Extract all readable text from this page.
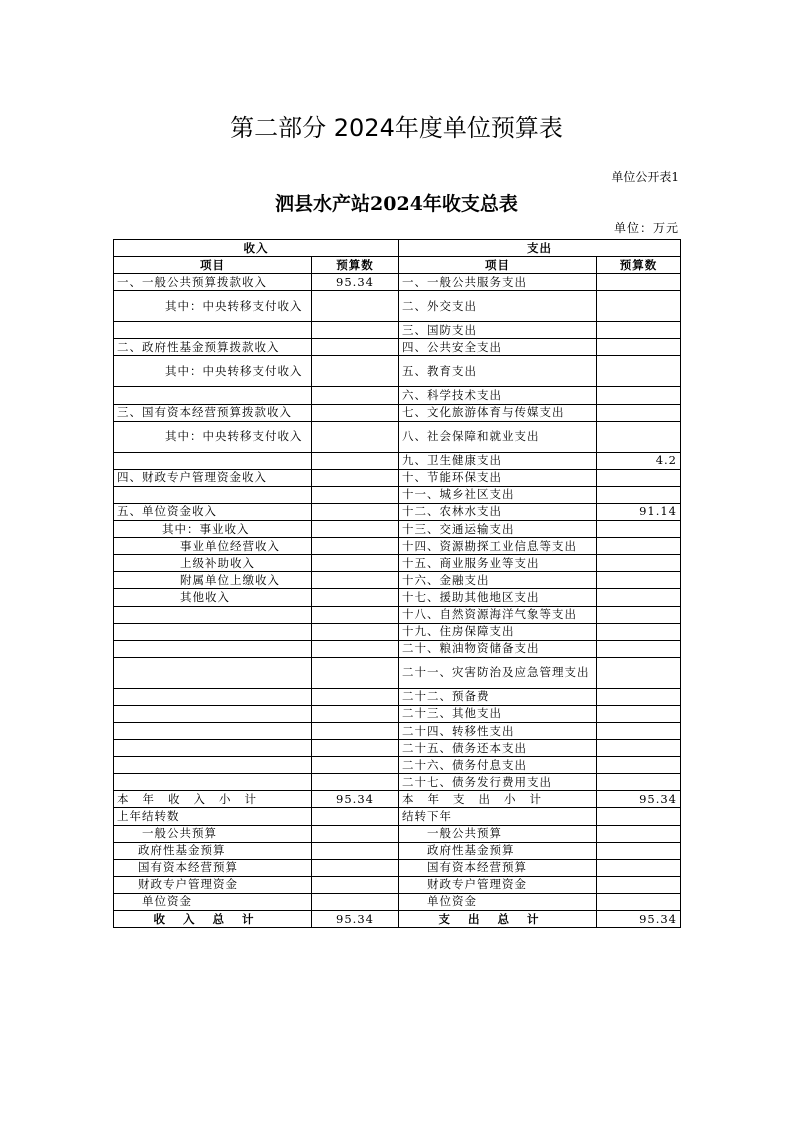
第二部分 2024年度单位预算表
单位公开表1
泗县水产站2024年收支总表
单位：万元
收入		支出	
项目	预算数	项目	预算数
一、一般公共预算拨款收入	95.34	一、一般公共服务支出	
其中：中央转移支付收入		二、外交支出	
		三、国防支出	
二、政府性基金预算拨款收入		四、公共安全支出	
其中：中央转移支付收入		五、教育支出	
		六、科学技术支出	
三、国有资本经营预算拨款收入		七、文化旅游体育与传媒支出	
其中：中央转移支付收入		八、社会保障和就业支出	
		九、卫生健康支出	4.2
四、财政专户管理资金收入		十、节能环保支出	
		十一、城乡社区支出	
五、单位资金收入		十二、农林水支出	91.14
其中：事业收入		十三、交通运输支出	
事业单位经营收入		十四、资源勘探工业信息等支出	
上级补助收入		十五、商业服务业等支出	
附属单位上缴收入		十六、金融支出	
其他收入		十七、援助其他地区支出	
		十八、自然资源海洋气象等支出	
		十九、住房保障支出	
		二十、粮油物资储备支出	
		二十一、灾害防治及应急管理支出	
		二十二、预备费	
		二十三、其他支出	
		二十四、转移性支出	
		二十五、债务还本支出	
		二十六、债务付息支出	
		二十七、债务发行费用支出	
本年收入小计	95.34	本年支出小计	95.34
上年结转数		结转下年	
一般公共预算		一般公共预算	
政府性基金预算		政府性基金预算	
国有资本经营预算		国有资本经营预算	
财政专户管理资金		财政专户管理资金	
单位资金		单位资金	
收入总计	95.34	支出总计	95.34
